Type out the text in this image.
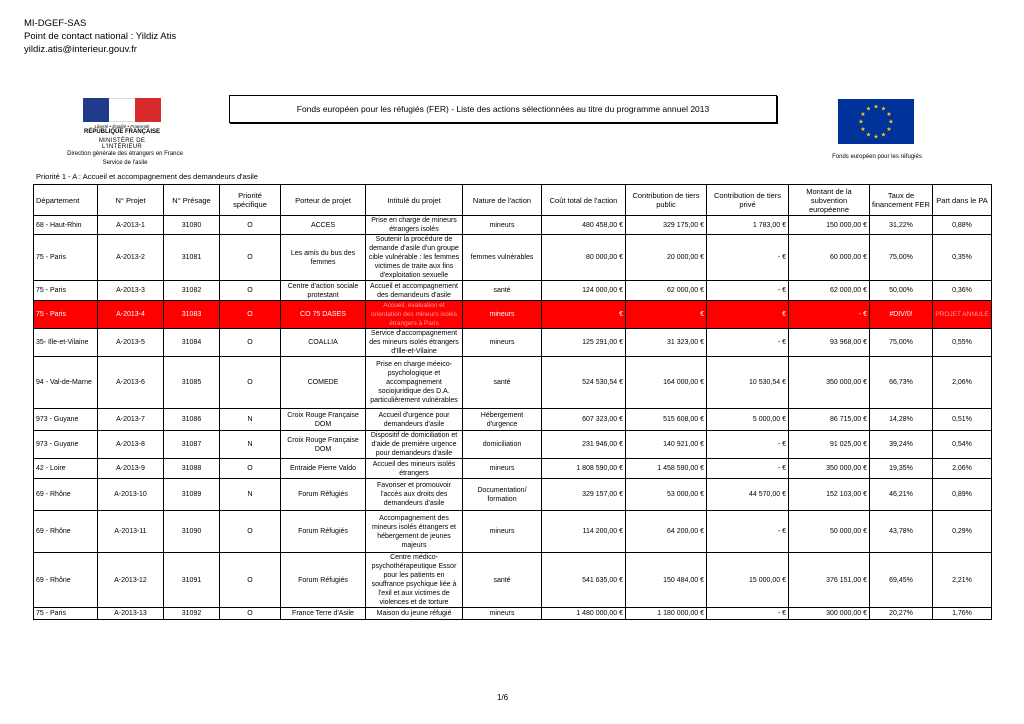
MI-DGEF-SAS
Point de contact national : Yildiz Atis
yildiz.atis@interieur.gouv.fr
Liberté • Égalité • Fraternité
RÉPUBLIQUE FRANÇAISE
MINISTÈRE DE L'INTÉRIEUR
Direction générale des étrangers en France
Service de l'asile
Fonds européen pour les réfugiés (FER) - Liste des actions sélectionnées au titre du programme annuel 2013	★ ★
★
★
★
★
★
★
★
★
★
★
Fonds européen pour les réfugiés
Priorité 1 - A : Accueil et accompagnement des demandeurs d'asile
Département	N° Projet	N° Présage	Priorité spécifique	Porteur de projet	Intitulé du projet	Nature de l'action	Coût total de l'action	Contribution de tiers public	Contribution de tiers privé	Montant de la subvention européenne	Taux de financement FER	Part dans le PA
68 - Haut-Rhin	A-2013-1	31080	O	ACCES	Prise en charge de mineurs étrangers isolés	mineurs	480 458,00 €	329 175,00 €	1 783,00 €	150 000,00 €	31,22%	0,88%
75 - Paris	A-2013-2	31081	O	Les amis du bus des femmes	Soutenir la procédure de demande d'asile d'un groupe cible vulnérable : les femmes victimes de traite aux fins d'exploitation sexuelle	femmes vulnérables	80 000,00 €	20 000,00 €	- €	60 000,00 €	75,00%	0,35%
75 - Paris	A-2013-3	31082	O	Centre d'action sociale protestant	Accueil et accompagnement des demandeurs d'asile	santé	124 000,00 €	62 000,00 €	- €	62 000,00 €	50,00%	0,36%
75 - Paris	A-2013-4	31083	O	CO 75 DASES	Accueil, évaluation et orientation des mineurs isolés étrangers à Paris	mineurs	€	€	€	- €	#DIV/0!	PROJET ANNULE
35- Ille-et-Vilaine	A-2013-5	31084	O	COALLIA	Service d'accompagnement des mineurs isolés étrangers d'Ille-et-Vilaine	mineurs	125 291,00 €	31 323,00 €	- €	93 968,00 €	75,00%	0,55%
94 - Val-de-Marne	A-2013-6	31085	O	COMEDE	Prise en charge méeico-psychologique et accompagnement sociojuridique des D.A. particulièrement vulnérables	santé	524 530,54 €	164 000,00 €	10 530,54 €	350 000,00 €	66,73%	2,06%
973 - Guyane	A-2013-7	31086	N	Croix Rouge Française DOM	Accueil d'urgence pour demandeurs d'asile	Hébergement d'urgence	607 323,00 €	515 608,00 €	5 000,00 €	86 715,00 €	14,28%	0,51%
973 - Guyane	A-2013-8	31087	N	Croix Rouge Française DOM	Dispositif de domiciliation et d'aide de première urgence pour demandeurs d'asile	domiciliation	231 946,00 €	140 921,00 €	- €	91 025,00 €	39,24%	0,54%
42 - Loire	A-2013-9	31088	O	Entraide Pierre Valdo	Accueil des mineurs isolés étrangers	mineurs	1 808 590,00 €	1 458 590,00 €	- €	350 000,00 €	19,35%	2,06%
69 - Rhône	A-2013-10	31089	N	Forum Réfugiés	Favoriser et promouvoir l'accès aux droits des demandeurs d'asile	Documentation/ formation	329 157,00 €	53 000,00 €	44 570,00 €	152 103,00 €	46,21%	0,89%
69 - Rhône	A-2013-11	31090	O	Forum Réfugiés	Accompagnement des mineurs isolés étrangers et hébergement de jeunes majeurs	mineurs	114 200,00 €	64 200,00 €	- €	50 000,00 €	43,78%	0,29%
69 - Rhône	A-2013-12	31091	O	Forum Réfugiés	Centre médico-psychothérapeutique Essor pour les patients en souffrance psychique liée à l'exil et aux victimes de violences et de torture	santé	541 635,00 €	150 484,00 €	15 000,00 €	376 151,00 €	69,45%	2,21%
75 - Paris	A-2013-13	31092	O	France Terre d'Asile	Maison du jeune réfugié	mineurs	1 480 000,00 €	1 180 000,00 €	- €	300 000,00 €	20,27%	1,76%
1/6
